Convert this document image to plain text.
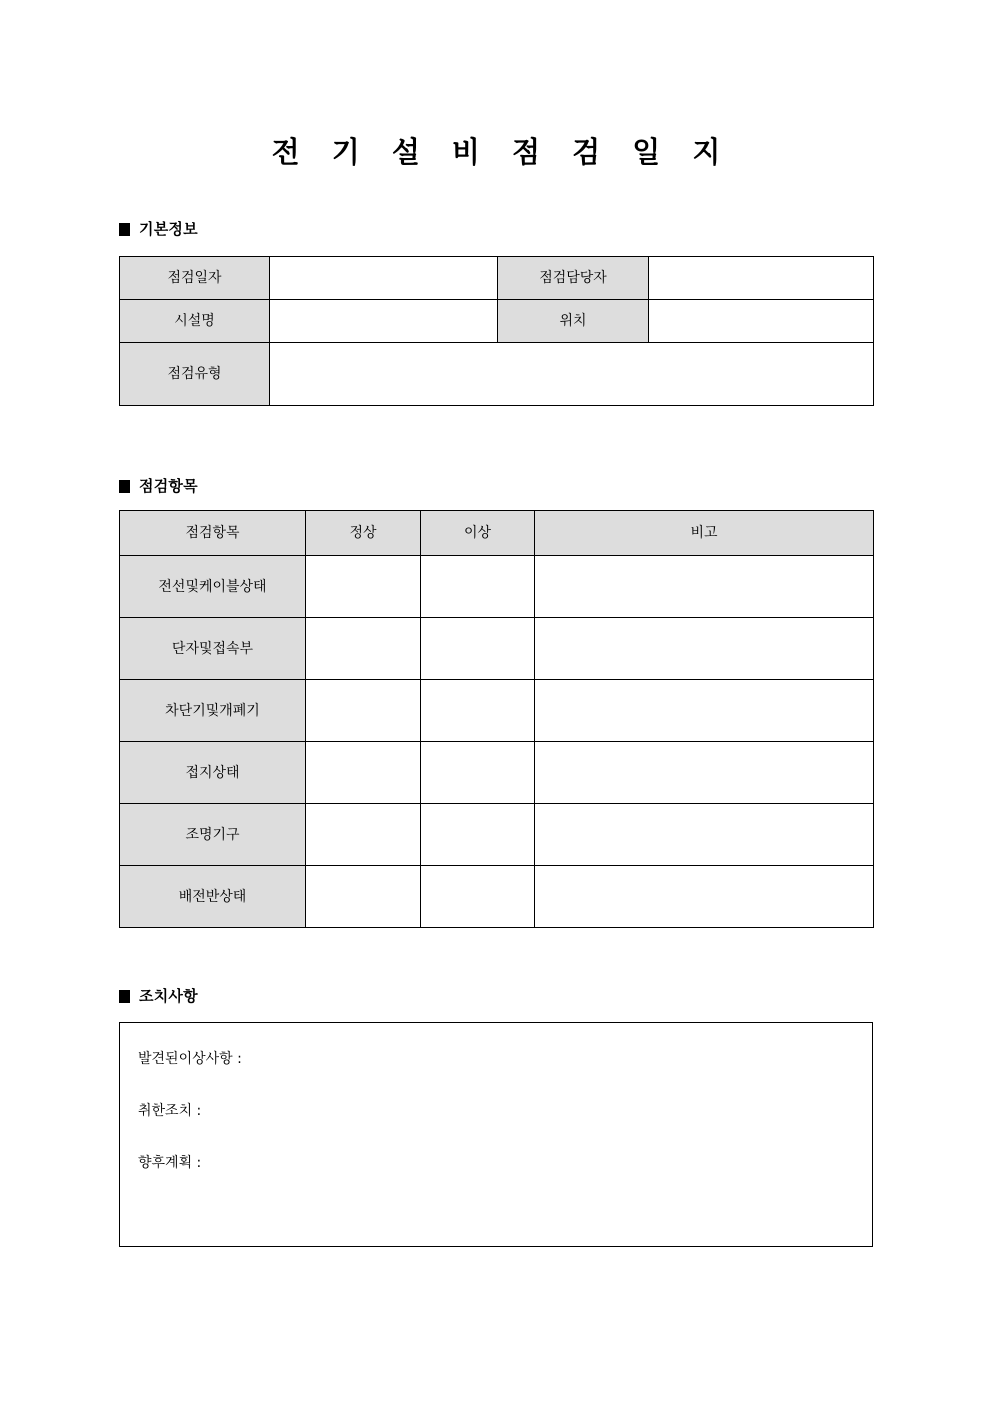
전 기 설 비 점 검 일 지
기본정보
점검일자		점검담당자	
시설명		위치	
점검유형			
점검항목
점검항목	정상	이상	비고
전선및케이블상태			
단자및접속부			
차단기및개폐기			
접지상태			
조명기구			
배전반상태			
조치사항
발견된이상사항 :
취한조치 :
향후계획 :
